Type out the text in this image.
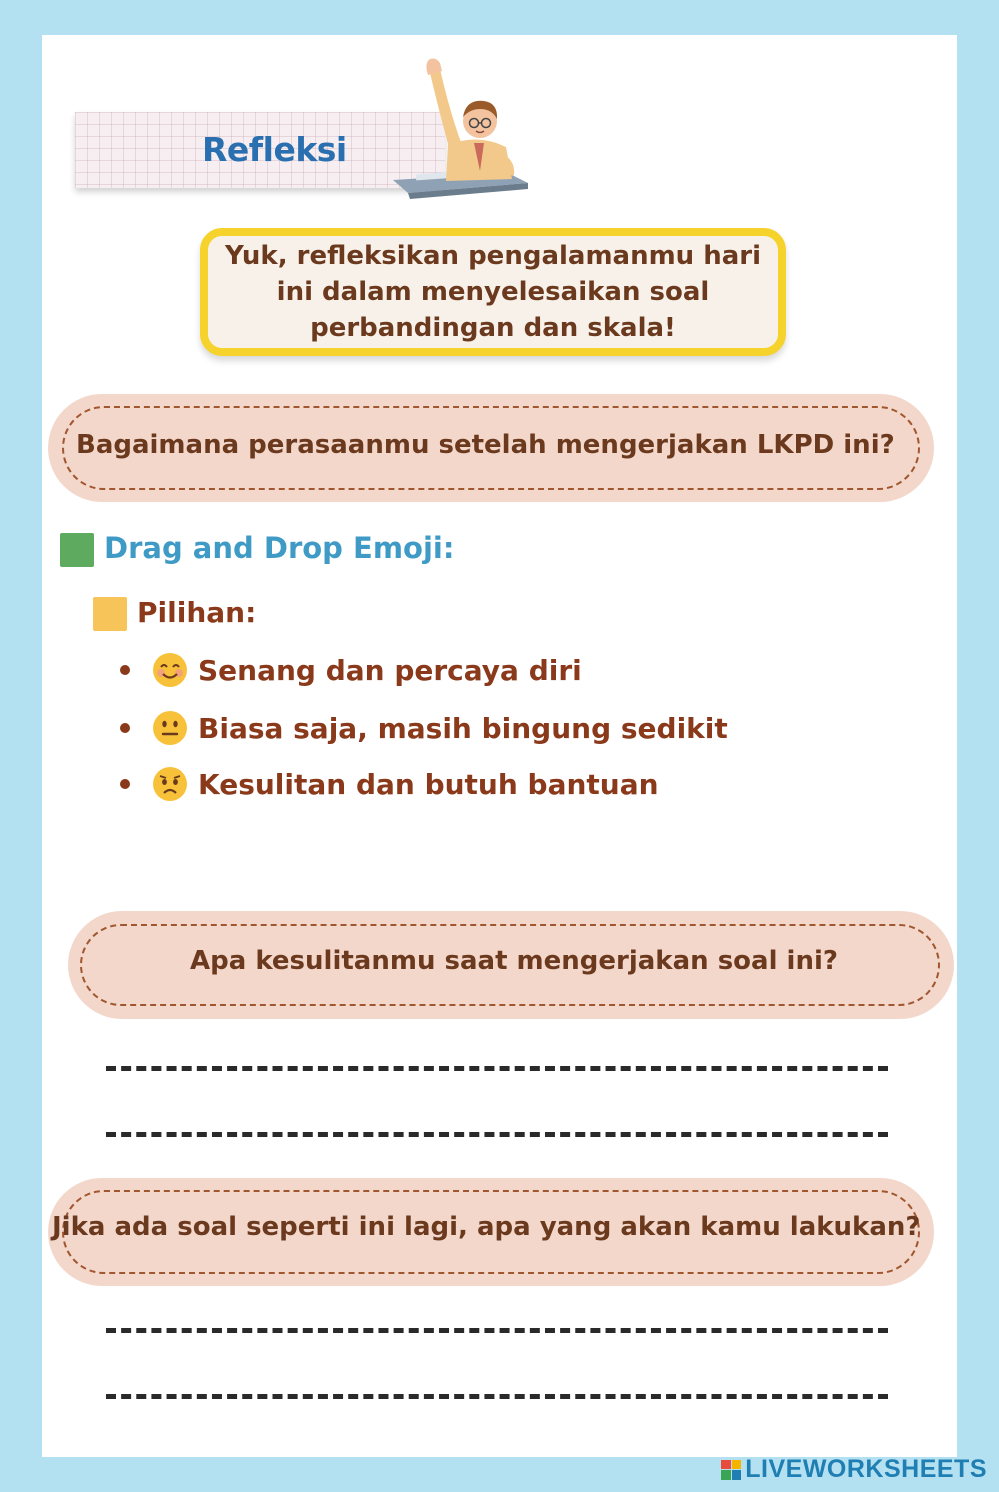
Refleksi
Yuk, refleksikan pengalamanmu hari ini dalam menyelesaikan soal perbandingan dan skala!
Bagaimana perasaanmu setelah mengerjakan LKPD ini?
Drag and Drop Emoji:
Pilihan:
Senang dan percaya diri
Biasa saja, masih bingung sedikit
Kesulitan dan butuh bantuan
Apa kesulitanmu saat mengerjakan soal ini?
Jika ada soal seperti ini lagi, apa yang akan kamu lakukan?
LIVEWORKSHEETS
